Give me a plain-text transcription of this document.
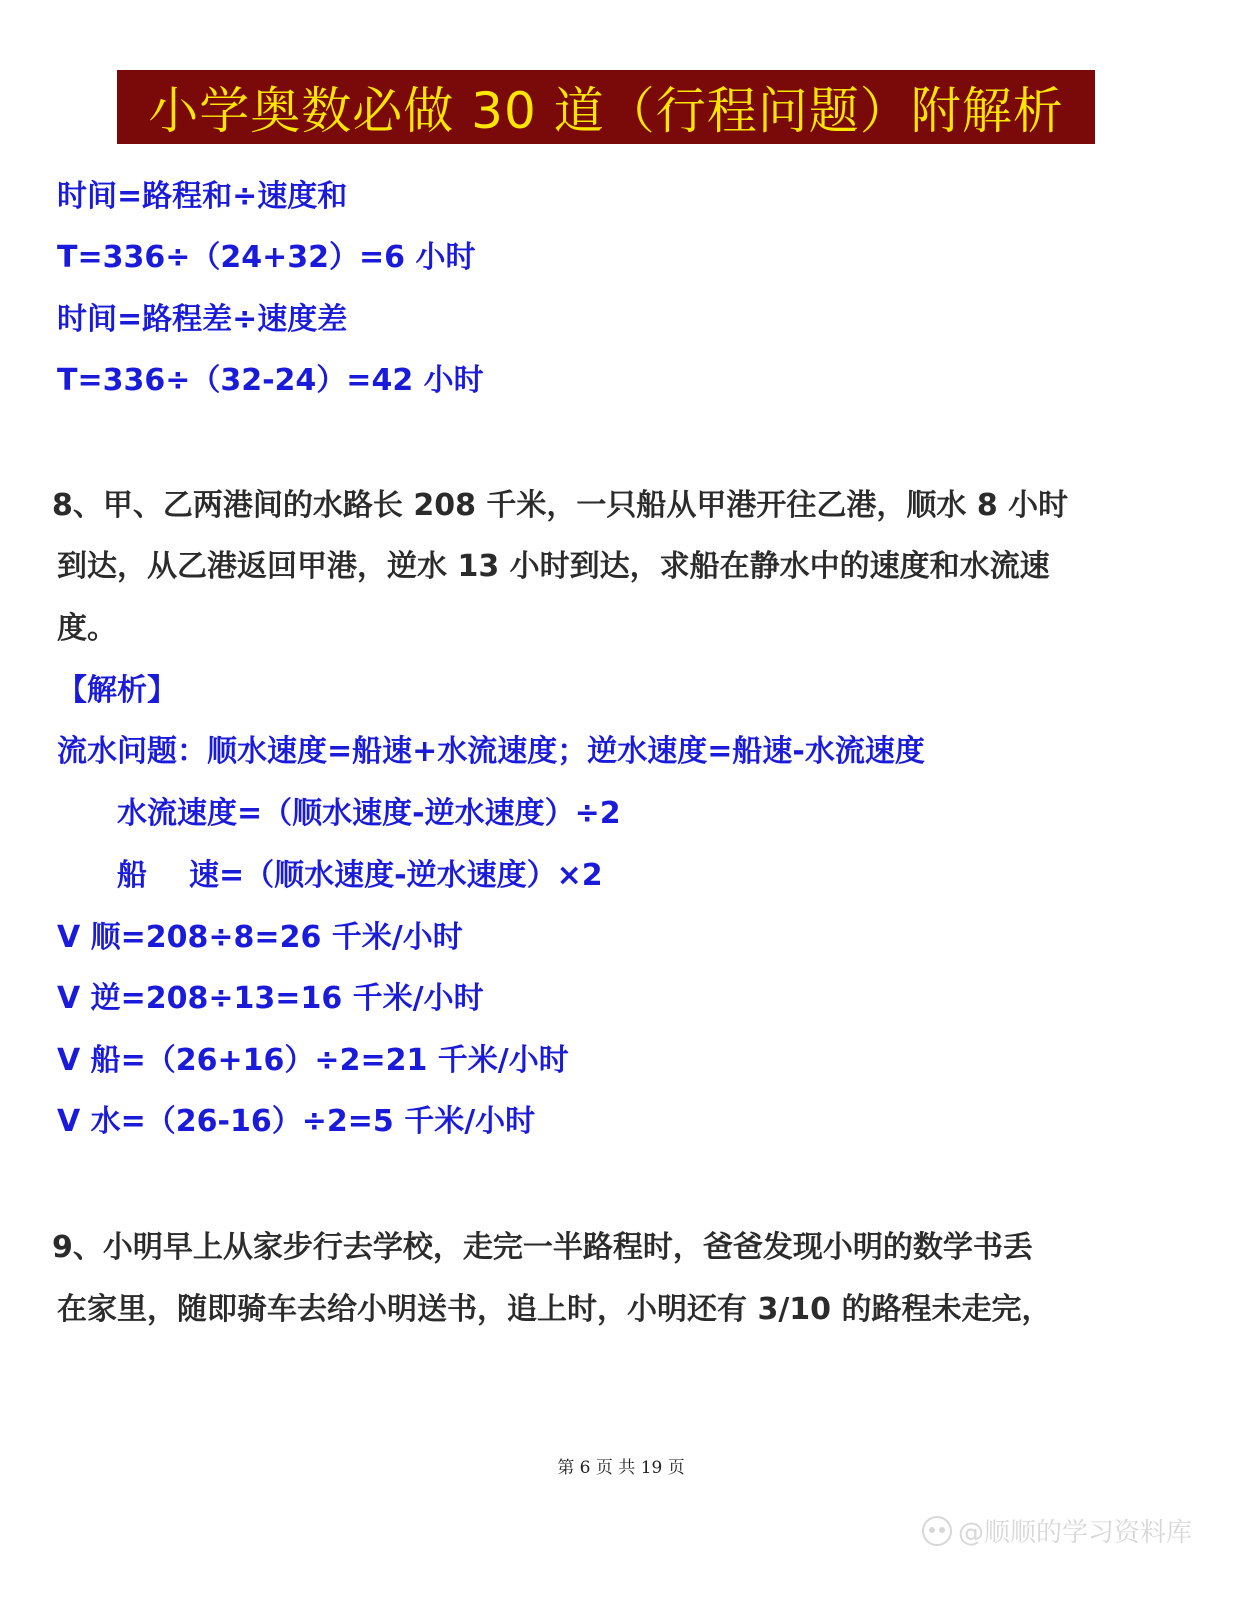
小学奥数必做 30 道（行程问题）附解析
时间=路程和÷速度和
T=336÷（24+32）=6 小时
时间=路程差÷速度差
T=336÷（32-24）=42 小时
8、甲、乙两港间的水路长 208 千米，一只船从甲港开往乙港，顺水 8 小时
到达，从乙港返回甲港，逆水 13 小时到达，求船在静水中的速度和水流速
度。
【解析】
流水问题：顺水速度=船速+水流速度；逆水速度=船速-水流速度
水流速度=（顺水速度-逆水速度）÷2
船 速=（顺水速度-逆水速度）×2
V 顺=208÷8=26 千米/小时
V 逆=208÷13=16 千米/小时
V 船=（26+16）÷2=21 千米/小时
V 水=（26-16）÷2=5 千米/小时
9、小明早上从家步行去学校，走完一半路程时，爸爸发现小明的数学书丢
在家里，随即骑车去给小明送书，追上时，小明还有 3/10 的路程未走完，
第 6 页 共 19 页
@顺顺的学习资料库
